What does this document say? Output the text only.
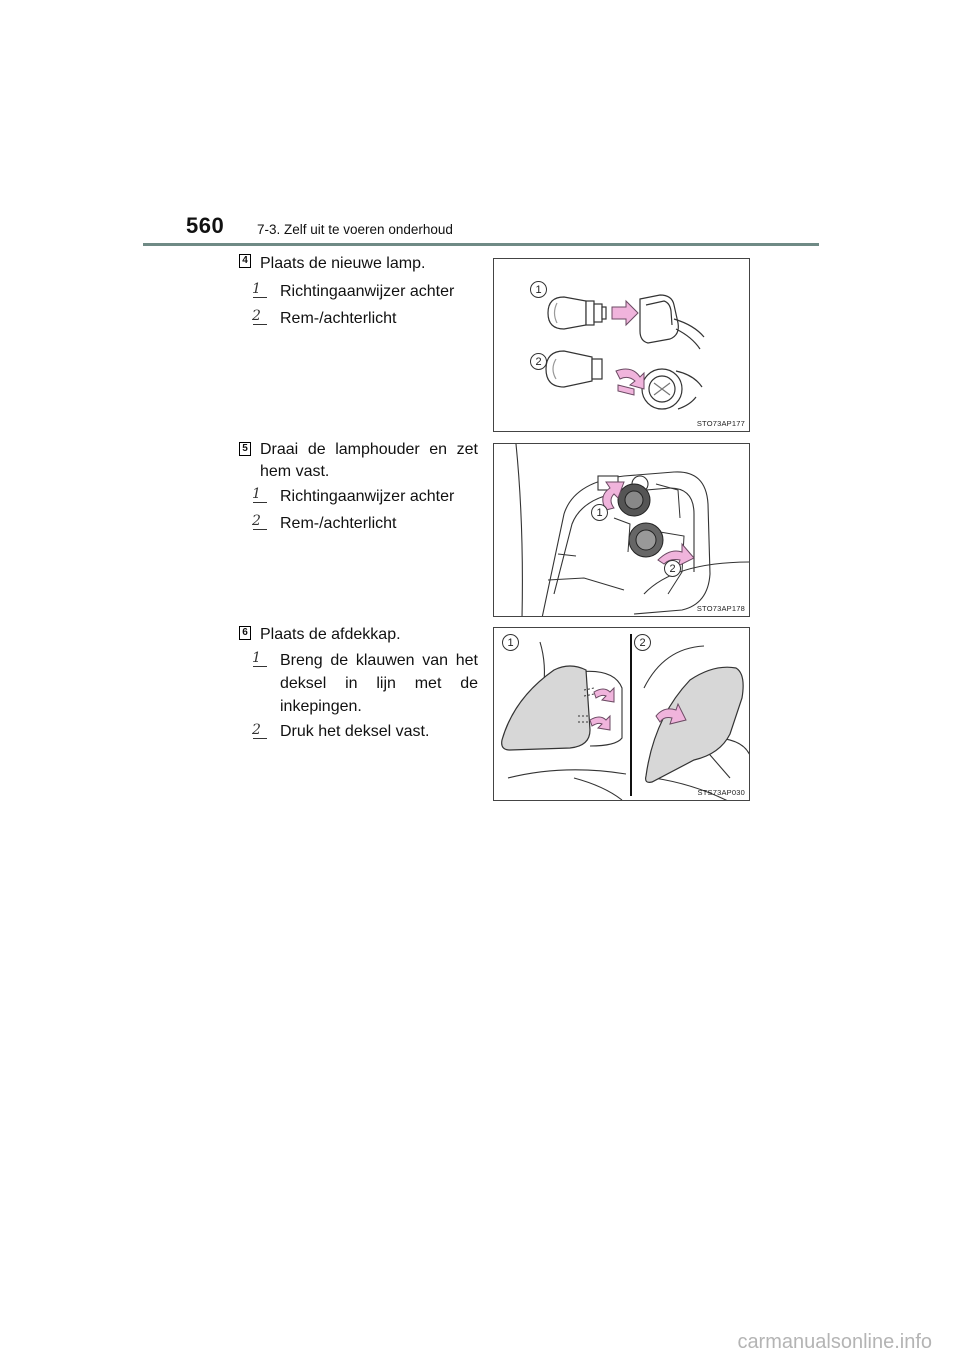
560 7-3. Zelf uit te voeren onderhoud
4 Plaats de nieuwe lamp.
1	Richtingaanwijzer achter
2	Rem-/achterlicht
1
2
STO73AP177
5 Draai de lamphouder en zet
hem vast.
1	Richtingaanwijzer achter
2	Rem-/achterlicht
1
2
STO73AP178
6 Plaats de afdekkap.
1	Breng de klauwen van het
deksel in lijn met de
inkepingen.
2	Druk het deksel vast.
1	2
STS73AP030
carmanualsonline.info
